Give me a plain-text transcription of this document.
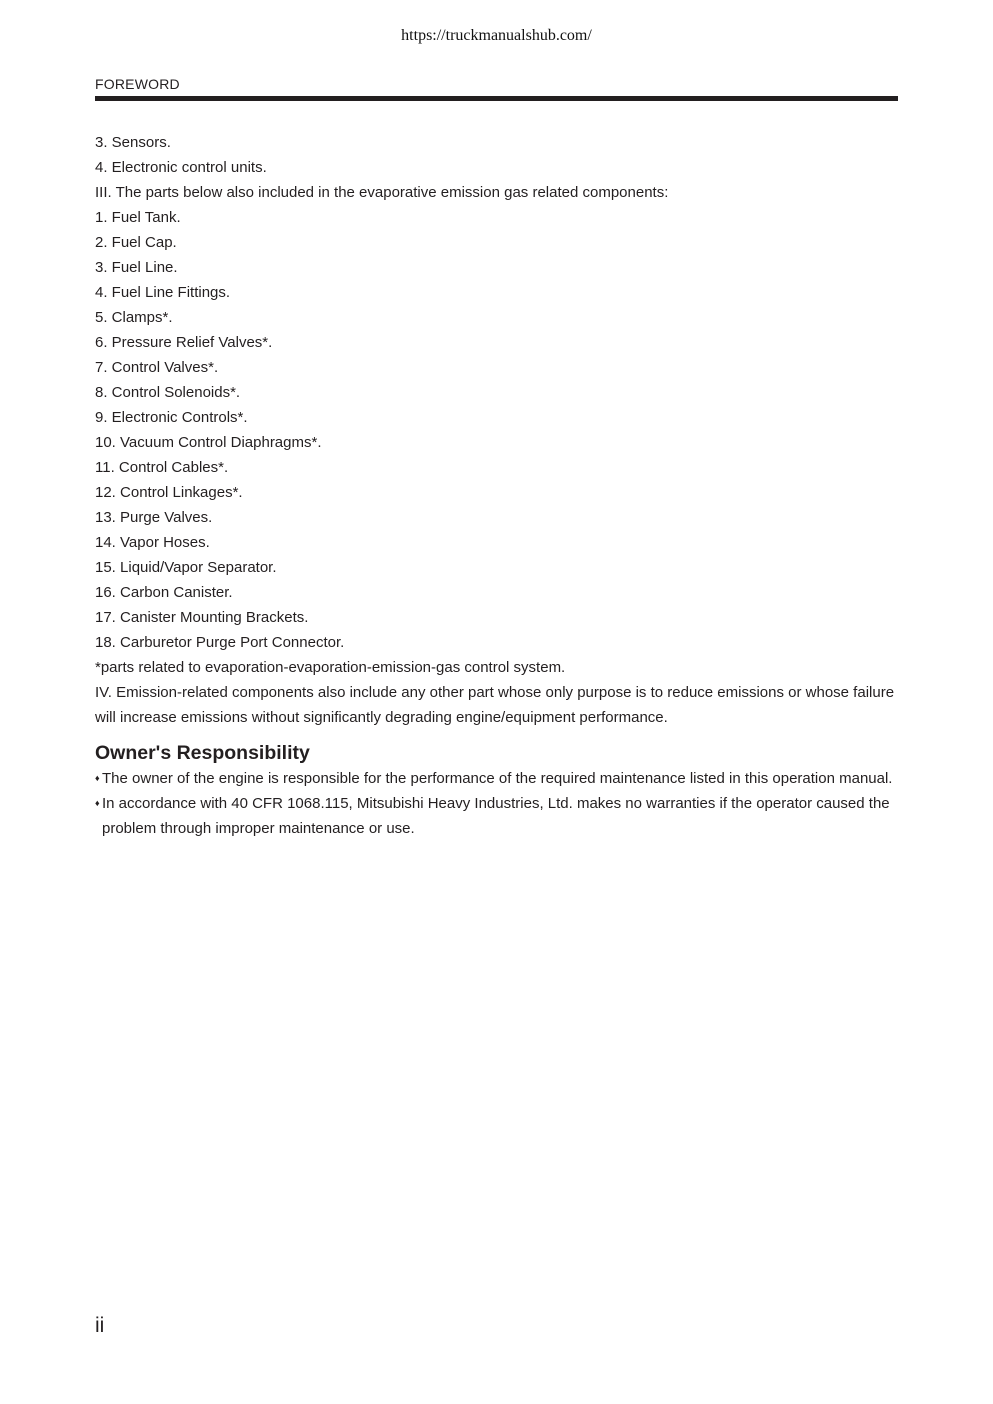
https://truckmanualshub.com/
FOREWORD
3. Sensors.
4. Electronic control units.
III. The parts below also included in the evaporative emission gas related components:
1. Fuel Tank.
2. Fuel Cap.
3. Fuel Line.
4. Fuel Line Fittings.
5. Clamps*.
6. Pressure Relief Valves*.
7. Control Valves*.
8. Control Solenoids*.
9. Electronic Controls*.
10. Vacuum Control Diaphragms*.
11. Control Cables*.
12. Control Linkages*.
13. Purge Valves.
14. Vapor Hoses.
15. Liquid/Vapor Separator.
16. Carbon Canister.
17. Canister Mounting Brackets.
18. Carburetor Purge Port Connector.
*parts related to evaporation-evaporation-emission-gas control system.
IV. Emission-related components also include any other part whose only purpose is to reduce emissions or whose failure will increase emissions without significantly degrading engine/equipment performance.
Owner's Responsibility
♦ The owner of the engine is responsible for the performance of the required maintenance listed in this operation manual.
♦ In accordance with 40 CFR 1068.115, Mitsubishi Heavy Industries, Ltd. makes no warranties if the operator caused the problem through improper maintenance or use.
ii
